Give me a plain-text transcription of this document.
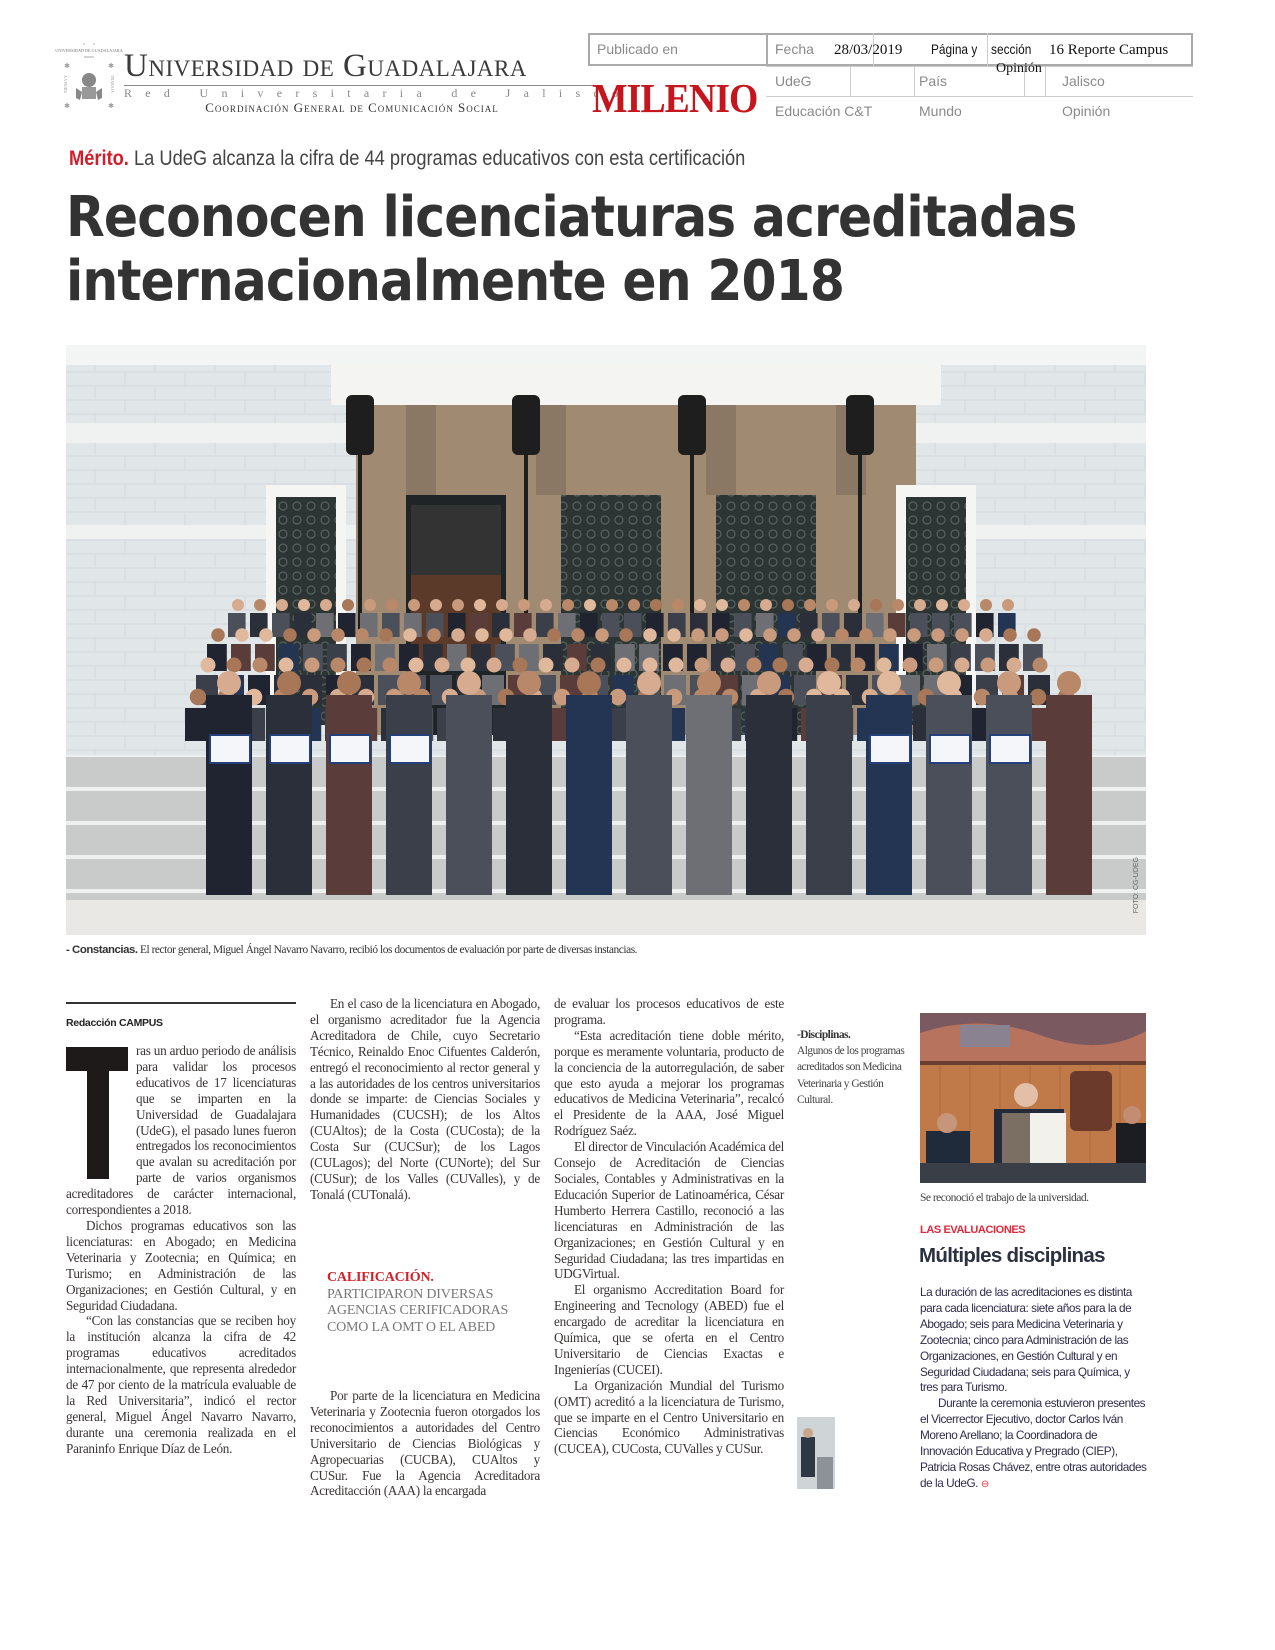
UNIVERSIDAD DE GUADALAJARA
PIENSA Y	TRABAJA
✱	✱
✱	✱
Universidad de Guadalajara
Red Universitaria de Jalisco
Coordinación General de Comunicación Social
Publicado en	Fecha 28/03/2019 Página y sección 16 Reporte Campus
Opinión
MILENIO UdeG	País	Jalisco
Educación C&T	Mundo	Opinión
Mérito. La UdeG alcanza la cifra de 44 programas educativos con esta certificación
Reconocen licenciaturas acreditadas
internacionalmente en 2018
FOTO: CG-UDEG
- Constancias. El rector general, Miguel Ángel Navarro Navarro, recibió los documentos de evaluación por parte de diversas instancias.
Redacción CAMPUS

ras un arduo periodo de análisis para validar los procesos educativos de 17 licenciaturas que se imparten en la Universidad de Guadalajara (UdeG), el pasado lunes fueron entregados los reconocimientos que avalan su acreditación por parte de varios organismos acreditadores de carácter internacional, correspondientes a 2018.

Dichos programas educativos son las licenciaturas: en Abogado; en Medicina Veterinaria y Zootecnia; en Química; en Turismo; en Administración de las Organizaciones; en Gestión Cultural, y en Seguridad Ciudadana.

“Con las constancias que se reciben hoy la institución alcanza la cifra de 42 programas educativos acreditados internacionalmente, que representa alrededor de 47 por ciento de la matrícula evaluable de la Red Universitaria”, indicó el rector general, Miguel Ángel Navarro Navarro, durante una ceremonia realizada en el Paraninfo Enrique Díaz de León.

En el caso de la licenciatura en Abogado, el organismo acreditador fue la Agencia Acreditadora de Chile, cuyo Secretario Técnico, Reinaldo Enoc Cifuentes Calderón, entregó el reconocimiento al rector general y a las autoridades de los centros universitarios donde se imparte: de Ciencias Sociales y Humanidades (CUCSH); de los Altos (CUAltos); de la Costa (CUCosta); de la Costa Sur (CUCSur); de los Lagos (CULagos); del Norte (CUNorte); del Sur (CUSur); de los Valles (CUValles), y de Tonalá (CUTonalá).

CALIFICACIÓN.
PARTICIPARON DIVERSAS AGENCIAS CERIFICADORAS COMO LA OMT O EL ABED

Por parte de la licenciatura en Medicina Veterinaria y Zootecnia fueron otorgados los reconocimientos a autoridades del Centro Universitario de Ciencias Biológicas y Agropecuarias (CUCBA), CUAltos y CUSur. Fue la Agencia Acreditadora Acreditacción (AAA) la encargada

de evaluar los procesos educativos de este programa.

“Esta acreditación tiene doble mérito, porque es meramente voluntaria, producto de la conciencia de la autorregulación, de saber que esto ayuda a mejorar los programas educativos de Medicina Veterinaria”, recalcó el Presidente de la AAA, José Miguel Rodríguez Saéz.

El director de Vinculación Académica del Consejo de Acreditación de Ciencias Sociales, Contables y Administrativas en la Educación Superior de Latinoamérica, César Humberto Herrera Castillo, reconoció a las licenciaturas en Administración de las Organizaciones; en Gestión Cultural y en Seguridad Ciudadana; las tres impartidas en UDGVirtual.

El organismo Accreditation Board for Engineering and Tecnology (ABED) fue el encargado de acreditar la licenciatura en Química, que se oferta en el Centro Universitario de Ciencias Exactas e Ingenierías (CUCEI).

La Organización Mundial del Turismo (OMT) acreditó a la licenciatura de Turismo, que se imparte en el Centro Universitario en Ciencias Económico Administrativas (CUCEA), CUCosta, CUValles y CUSur.

-Disciplinas.
Algunos de los programas acreditados son Medicina Veterinaria y Gestión Cultural.
Se reconoció el trabajo de la universidad.
LAS EVALUACIONES
Múltiples disciplinas

La duración de las acreditaciones es distinta para cada licenciatura: siete años para la de Abogado; seis para Medicina Veterinaria y Zootecnia; cinco para Administración de las Organizaciones, en Gestión Cultural y en Seguridad Ciudadana; seis para Química, y tres para Turismo.

Durante la ceremonia estuvieron presentes el Vicerrector Ejecutivo, doctor Carlos Iván Moreno Arellano; la Coordinadora de Innovación Educativa y Pregrado (CIEP), Patricia Rosas Chávez, entre otras autoridades de la UdeG. ⊖
